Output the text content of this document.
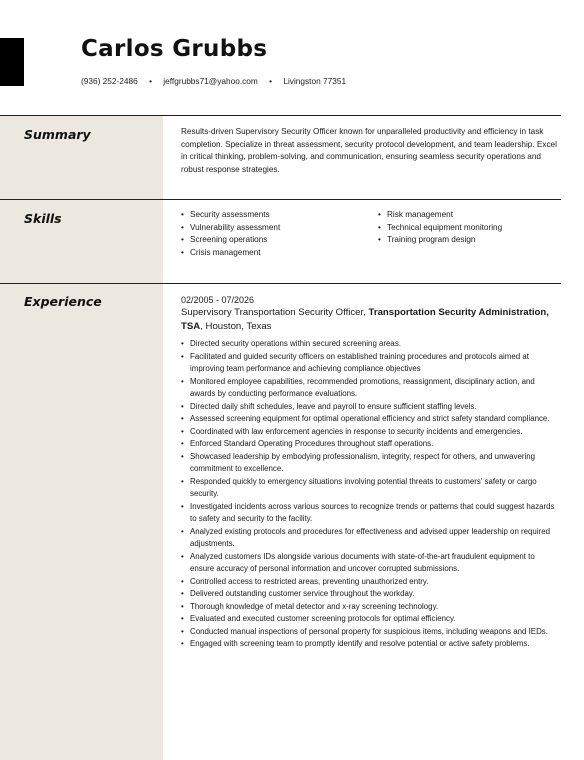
Carlos Grubbs
(936) 252-2486 • jeffgrubbs71@yahoo.com • Livingston 77351
Summary	Results-driven Supervisory Security Officer known for unparalleled productivity and efficiency in task completion. Specialize in threat assessment, security protocol development, and team leadership. Excel in critical thinking, problem-solving, and communication, ensuring seamless security operations and robust response strategies.

Skills	• Security assessments	• Risk management
• Vulnerability assessment	• Technical equipment monitoring
• Screening operations	• Training program design
• Crisis management
Experience	02/2005 - 07/2026
Supervisory Transportation Security Officer, Transportation Security Administration, TSA, Houston, Texas
• Directed security operations within secured screening areas.
• Facilitated and guided security officers on established training procedures and protocols aimed at improving team performance and achieving compliance objectives
• Monitored employee capabilities, recommended promotions, reassignment, disciplinary action, and awards by conducting performance evaluations.
• Directed daily shift schedules, leave and payroll to ensure sufficient staffing levels.
• Assessed screening equipment for optimal operational efficiency and strict safety standard compliance.
• Coordinated with law enforcement agencies in response to security incidents and emergencies.
• Enforced Standard Operating Procedures throughout staff operations.
• Showcased leadership by embodying professionalism, integrity, respect for others, and unwavering commitment to excellence.
• Responded quickly to emergency situations involving potential threats to customers' safety or cargo security.
• Investigated incidents across various sources to recognize trends or patterns that could suggest hazards to safety and security to the facility.
• Analyzed existing protocols and procedures for effectiveness and advised upper leadership on required adjustments.
• Analyzed customers IDs alongside various documents with state-of-the-art fraudulent equipment to ensure accuracy of personal information and uncover corrupted submissions.
• Controlled access to restricted areas, preventing unauthorized entry.
• Delivered outstanding customer service throughout the workday.
• Thorough knowledge of metal detector and x-ray screening technology.
• Evaluated and executed customer screening protocols for optimal efficiency.
• Conducted manual inspections of personal property for suspicious items, including weapons and IEDs.
• Engaged with screening team to promptly identify and resolve potential or active safety problems.
